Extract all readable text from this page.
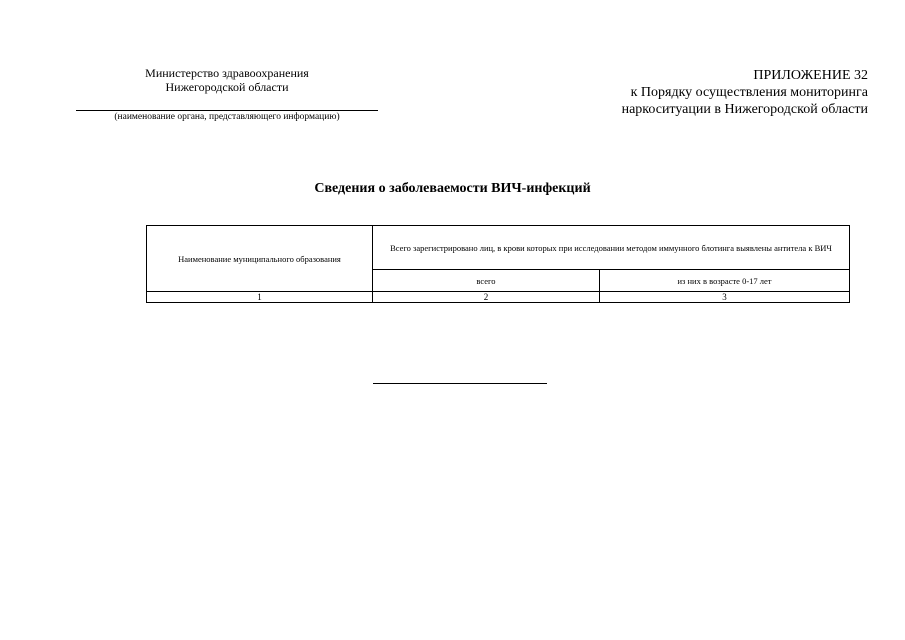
Министерство здравоохранения
Нижегородской области
(наименование органа, представляющего информацию)
ПРИЛОЖЕНИЕ 32
к Порядку осуществления мониторинга
наркоситуации в Нижегородской области
Сведения о заболеваемости ВИЧ-инфекций
Наименование муниципального образования	Всего зарегистрировано лиц, в крови которых при исследовании методом иммунного блотинга выявлены антитела к ВИЧ	
	всего	из них в возрасте 0-17 лет
1	2	3
